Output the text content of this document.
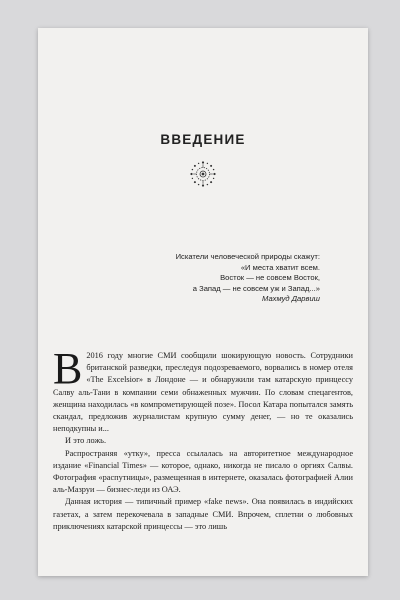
ВВЕДЕНИЕ
Искатели человеческой природы скажут:
«И места хватит всем.
Восток — не совсем Восток,
а Запад — не совсем уж и Запад...»
Махмуд Дарвиш

В 2016 году многие СМИ сообщили шокирующую новость. Сотрудники британской разведки, преследуя подозреваемого, ворвались в номер отеля «The Excelsior» в Лондоне — и обнаружили там катарскую принцессу Салву аль-Тани в компании семи обнаженных мужчин. По словам спецагентов, женщина находилась «в компрометирующей позе». Посол Катара попытался замять скандал, предложив журналистам крупную сумму денег, — но те оказались неподкупны и...

И это ложь.

Распространяя «утку», пресса ссылалась на авторитетное международное издание «Financial Times» — которое, однако, никогда не писало о оргиях Салвы. Фотография «распутницы», размещенная в интернете, оказалась фотографией Алии аль-Мазруи — бизнес-леди из ОАЭ.

Данная история — типичный пример «fake news». Она появилась в индийских газетах, а затем перекочевала в западные СМИ. Впрочем, сплетни о любовных приключениях катарской принцессы — это лишь
